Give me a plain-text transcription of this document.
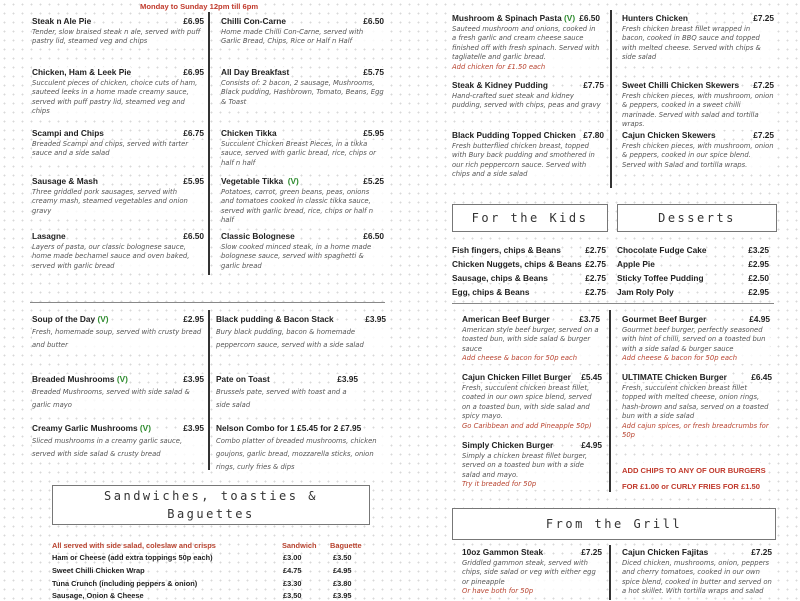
Monday to Sunday 12pm till 6pm
Steak n Ale Pie	£6.95
Tender, slow braised steak n ale, served with puff pastry lid, steamed veg and chips
Chicken, Ham & Leek Pie	£6.95
Succulent pieces of chicken, choice cuts of ham, sauteed leeks in a home made creamy sauce, served with puff pastry lid, steamed veg and chips
Scampi and Chips	£6.75
Breaded Scampi and chips, served with tarter sauce and a side salad
Sausage & Mash	£5.95
Three griddled pork sausages, served with creamy mash, steamed vegetables and onion gravy
Lasagne	£6.50
Layers of pasta, our classic bolognese sauce, home made bechamel sauce and oven baked, served with garlic bread
Chilli Con-Carne	£6.50
Home made Chilli Con-Carne, served with Garlic Bread, Chips, Rice or Half n Half
All Day Breakfast	£5.75
Consists of: 2 bacon, 2 sausage, Mushrooms, Black pudding, Hashbrown, Tomato, Beans, Egg & Toast
Chicken Tikka	£5.95
Succulent Chicken Breast Pieces, in a tikka sauce, served with garlic bread, rice, chips or half n half
Vegetable Tikka (V)	£5.25
Potatoes, carrot, green beans, peas, onions and tomatoes cooked in classic tikka sauce, served with garlic bread, rice, chips or half n half
Classic Bolognese	£6.50
Slow cooked minced steak, in a home made bolognese sauce, served with spaghetti & garlic bread
Soup of the Day (V)	£2.95
Fresh, homemade soup, served with crusty bread and butter
Breaded Mushrooms (V)	£3.95
Breaded Mushrooms, served with side salad & garlic mayo
Creamy Garlic Mushrooms (V)	£3.95
Sliced mushrooms in a creamy garlic sauce, served with side salad & crusty bread
Black pudding & Bacon Stack	£3.95
Bury black pudding, bacon & homemade peppercorn sauce, served with a side salad
Pate on Toast	£3.95
Brussels pate, served with toast and a side salad
Nelson Combo for 1 £5.45 for 2 £7.95
Combo platter of breaded mushrooms, chicken goujons, garlic bread, mozzarella sticks, onion rings, curly fries & dips
Sandwiches, toasties & Baguettes
All served with side salad, coleslaw and crisps	Sandwich Baguette
Ham or Cheese (add extra toppings 50p each)	£3.00	£3.50
Sweet Chilli Chicken Wrap	£4.75	£4.95
Tuna Crunch (including peppers & onion)	£3.30	£3.80
Sausage, Onion & Cheese	£3.50	£3.95
Mushroom & Spinach Pasta (V) £6.50
Sauteed mushroom and onions, cooked in a fresh garlic and cream cheese sauce finished off with fresh spinach. Served with tagliatelle and garlic bread.
Add chicken for £1.50 each
Steak & Kidney Pudding	£7.75
Hand-crafted suet steak and kidney pudding, served with chips, peas and gravy
Black Pudding Topped Chicken £7.80
Fresh butterflied chicken breast, topped with Bury back pudding and smothered in our rich peppercorn sauce. Served with chips and a side salad
Hunters Chicken	£7.25
Fresh chicken breast fillet wrapped in bacon, cooked in BBQ sauce and topped with melted cheese. Served with chips & side salad
Sweet Chilli Chicken Skewers £7.25
Fresh chicken pieces, with mushroom, onion & peppers, cooked in a sweet chilli marinade. Served with salad and tortilla wraps.
Cajun Chicken Skewers	£7.25
Fresh chicken pieces, with mushroom, onion & peppers, cooked in our spice blend. Served with Salad and tortilla wraps.
For the Kids	Desserts
Fish fingers, chips & Beans	£2.75
Chicken Nuggets, chips & Beans £2.75
Sausage, chips & Beans	£2.75
Egg, chips & Beans	£2.75
Chocolate Fudge Cake	£3.25
Apple Pie	£2.95
Sticky Toffee Pudding	£2.50
Jam Roly Poly	£2.95
American Beef Burger	£3.75
American style beef burger, served on a toasted bun, with side salad & burger sauce
Add cheese & bacon for 50p each
Cajun Chicken Fillet Burger £5.45
Fresh, succulent chicken breast fillet, coated in our own spice blend, served on a toasted bun, with side salad and spicy mayo.
Go Caribbean and add Pineapple 50p)
Simply Chicken Burger	£4.95
Simply a chicken breast fillet burger, served on a toasted bun with a side salad and mayo.
Try it breaded for 50p
Gourmet Beef Burger	£4.95
Gourmet beef burger, perfectly seasoned with hint of chilli, served on a toasted bun with a side salad & burger sauce
Add cheese & bacon for 50p each
ULTIMATE Chicken Burger	£6.45
Fresh, succulent chicken breast fillet topped with melted cheese, onion rings, hash-brown and salsa, served on a toasted bun with a side salad
Add cajun spices, or fresh breadcrumbs for 50p
ADD CHIPS TO ANY OF OUR BURGERS
FOR £1.00 or CURLY FRIES FOR £1.50
From the Grill
10oz Gammon Steak	£7.25
Griddled gammon steak, served with chips, side salad or veg with either egg or pineapple
Or have both for 50p
Cajun Chicken Fajitas	£7.25
Diced chicken, mushrooms, onion, peppers and cherry tomatoes, cooked in our own spice blend, cooked in butter and served on a hot skillet. With tortilla wraps and salad
